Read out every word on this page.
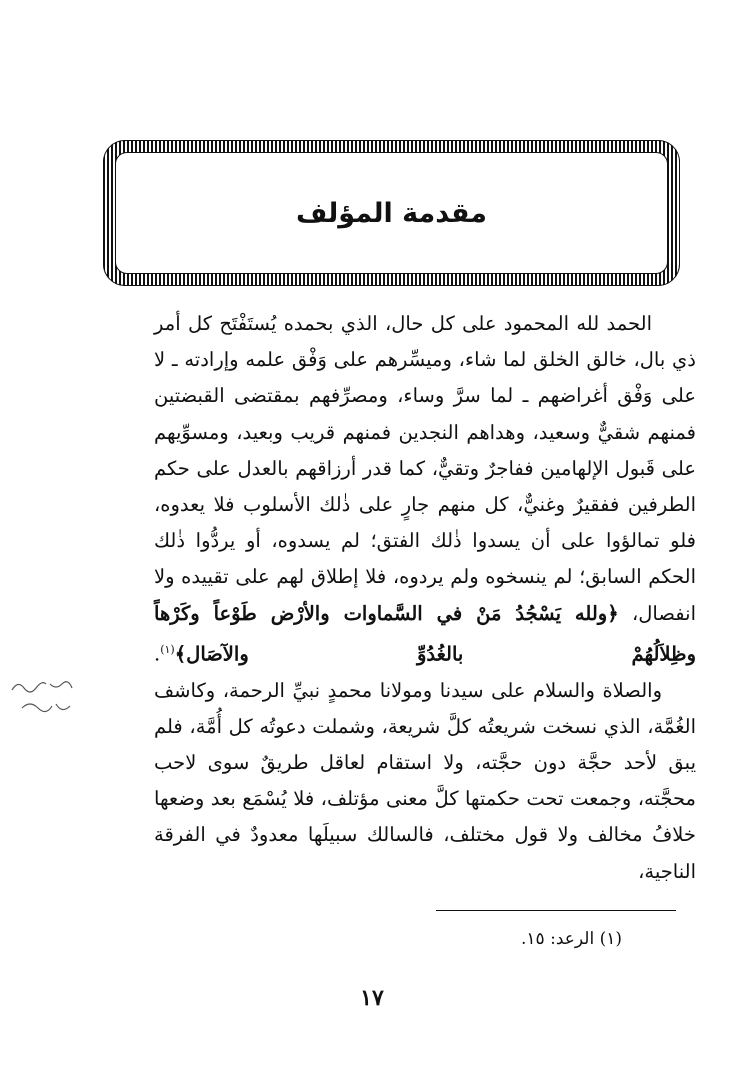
مقدمة المؤلف

الحمد لله المحمود على كل حال، الذي بحمده يُستَفْتَح كل أمر ذي بال، خالق الخلق لما شاء، وميسِّرهم على وَفْق علمه وإرادته ـ لا على وَفْق أغراضهم ـ لما سرَّ وساء، ومصرِّفهم بمقتضى القبضتين فمنهم شقيٌّ وسعيد، وهداهم النجدين فمنهم قريب وبعيد، ومسوِّيهم على قَبول الإلهامين ففاجرٌ وتقيٌّ، كما قدر أرزاقهم بالعدل على حكم الطرفين ففقيرٌ وغنيٌّ، كل منهم جارٍ على ذٰلك الأسلوب فلا يعدوه، فلو تمالؤوا على أن يسدوا ذٰلك الفتق؛ لم يسدوه، أو يردُّوا ذٰلك الحكم السابق؛ لم ينسخوه ولم يردوه، فلا إطلاق لهم على تقييده ولا انفصال، ﴿ولله يَسْجُدُ مَنْ في السَّماوات والأرْض طَوْعاً وكَرْهاً وظِلاَلُهُمْ بالغُدُوِّ والآصَال﴾$^{(١)}$.

والصلاة والسلام على سيدنا ومولانا محمدٍ نبيِّ الرحمة، وكاشف الغُمَّة، الذي نسخت شريعتُه كلَّ شريعة، وشملت دعوتُه كل أُمَّة، فلم يبق لأحد حجَّة دون حجَّته، ولا استقام لعاقل طريقٌ سوى لاحب محجَّته، وجمعت تحت حكمتها كلَّ معنى مؤتلف، فلا يُسْمَع بعد وضعها خلافُ مخالف ولا قول مختلف، فالسالك سبيلَها معدودٌ في الفرقة الناجية،

(١) الرعد: ١٥.
١٧
